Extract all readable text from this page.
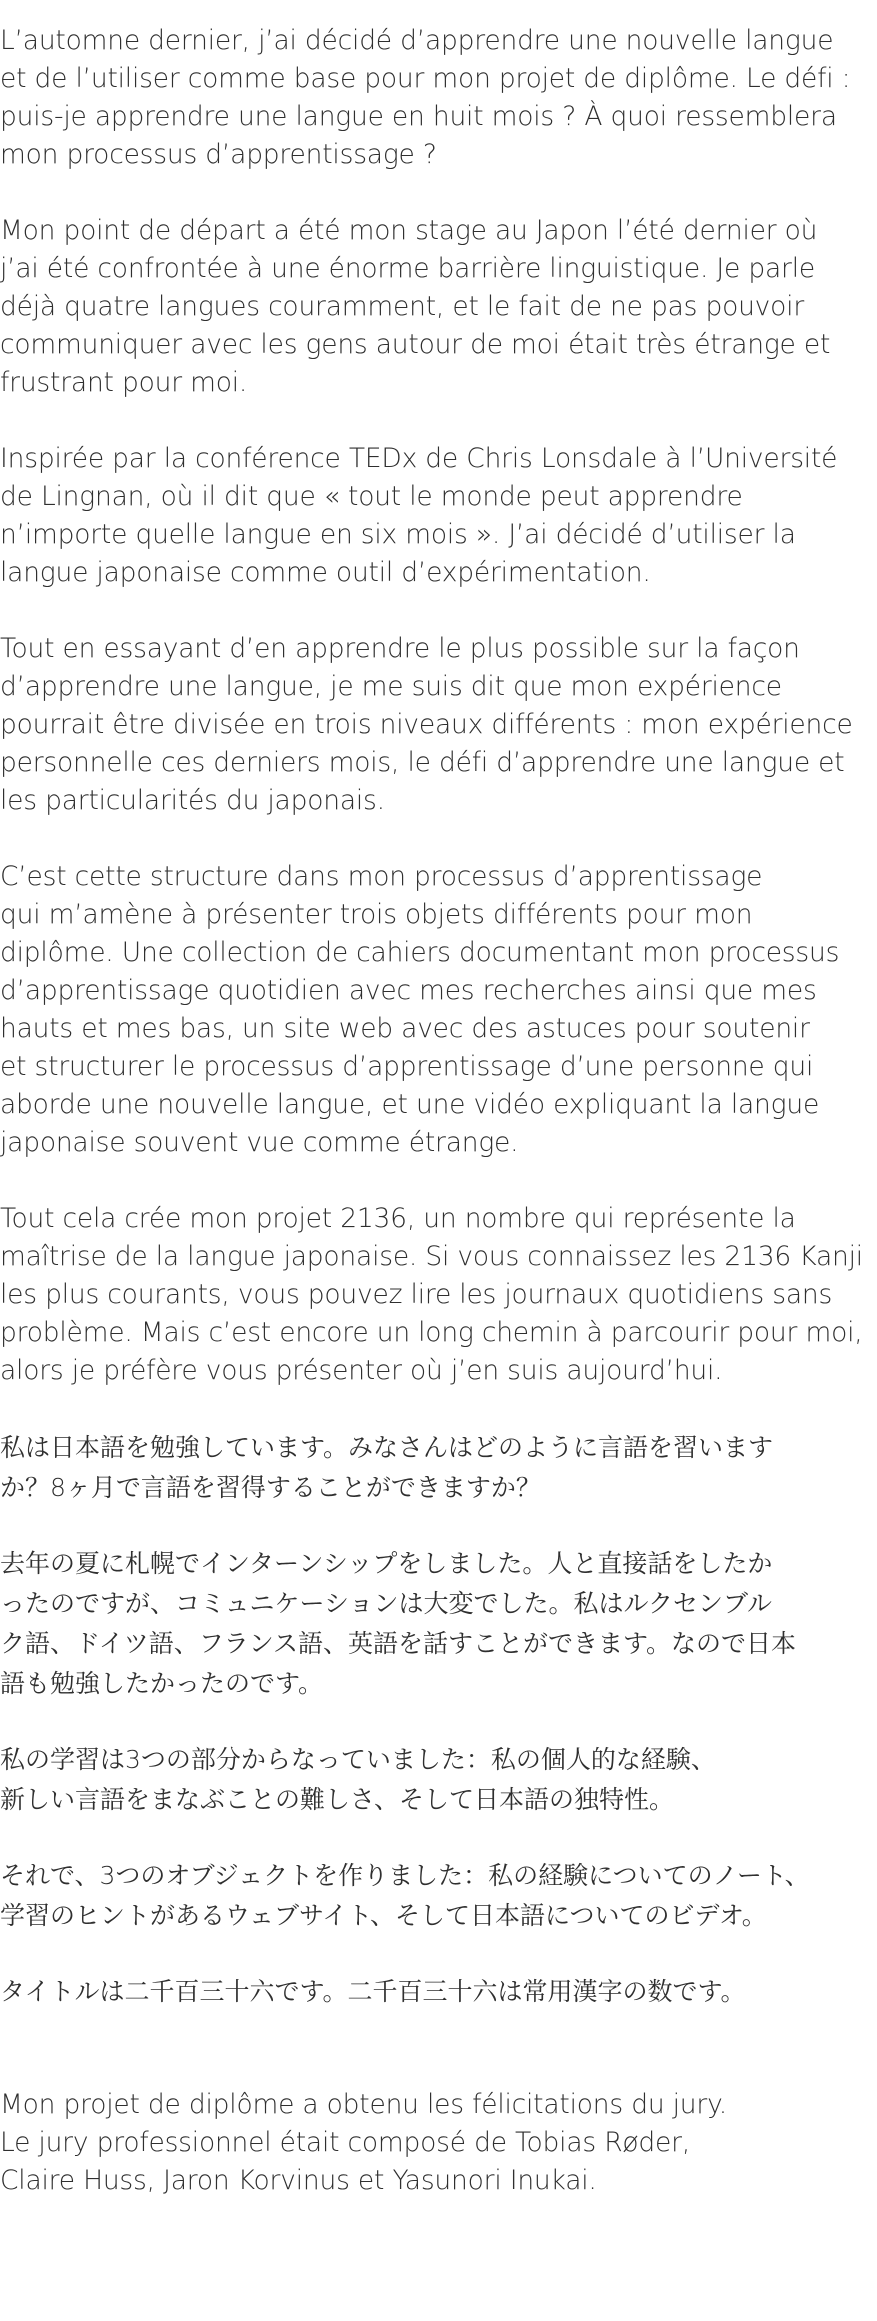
L’automne dernier, j’ai décidé d’apprendre une nouvelle langue
et de l’utiliser comme base pour mon projet de diplôme. Le défi :
puis-je apprendre une langue en huit mois ? À quoi ressemblera
mon processus d’apprentissage ?

Mon point de départ a été mon stage au Japon l’été dernier où
j’ai été confrontée à une énorme barrière linguistique. Je parle
déjà quatre langues couramment, et le fait de ne pas pouvoir
communiquer avec les gens autour de moi était très étrange et
frustrant pour moi.

Inspirée par la conférence TEDx de Chris Lonsdale à l’Université
de Lingnan, où il dit que « tout le monde peut apprendre
n’importe quelle langue en six mois ». J’ai décidé d’utiliser la
langue japonaise comme outil d’expérimentation.

Tout en essayant d’en apprendre le plus possible sur la façon
d’apprendre une langue, je me suis dit que mon expérience
pourrait être divisée en trois niveaux différents : mon expérience
personnelle ces derniers mois, le défi d’apprendre une langue et
les particularités du japonais.

C’est cette structure dans mon processus d’apprentissage
qui m’amène à présenter trois objets différents pour mon
diplôme. Une collection de cahiers documentant mon processus
d’apprentissage quotidien avec mes recherches ainsi que mes
hauts et mes bas, un site web avec des astuces pour soutenir
et structurer le processus d’apprentissage d’une personne qui
aborde une nouvelle langue, et une vidéo expliquant la langue
japonaise souvent vue comme étrange.

Tout cela crée mon projet 2136, un nombre qui représente la
maîtrise de la langue japonaise. Si vous connaissez les 2136 Kanji
les plus courants, vous pouvez lire les journaux quotidiens sans
problème. Mais c’est encore un long chemin à parcourir pour moi,
alors je préfère vous présenter où j’en suis aujourd’hui.

私は日本語を勉強しています。みなさんはどのように言語を習います
か？8ヶ月で言語を習得することができますか？

去年の夏に札幌でインターンシップをしました。人と直接話をしたか
ったのですが、コミュニケーションは大変でした。私はルクセンブル
ク語、ドイツ語、フランス語、英語を話すことができます。なので日本
語も勉強したかったのです。

私の学習は3つの部分からなっていました：私の個人的な経験、
新しい言語をまなぶことの難しさ、そして日本語の独特性。

それで、3つのオブジェクトを作りました：私の経験についてのノート、
学習のヒントがあるウェブサイト、そして日本語についてのビデオ。

タイトルは二千百三十六です。二千百三十六は常用漢字の数です。

Mon projet de diplôme a obtenu les félicitations du jury.
Le jury professionnel était composé de Tobias Røder,
Claire Huss, Jaron Korvinus et Yasunori Inukai.
